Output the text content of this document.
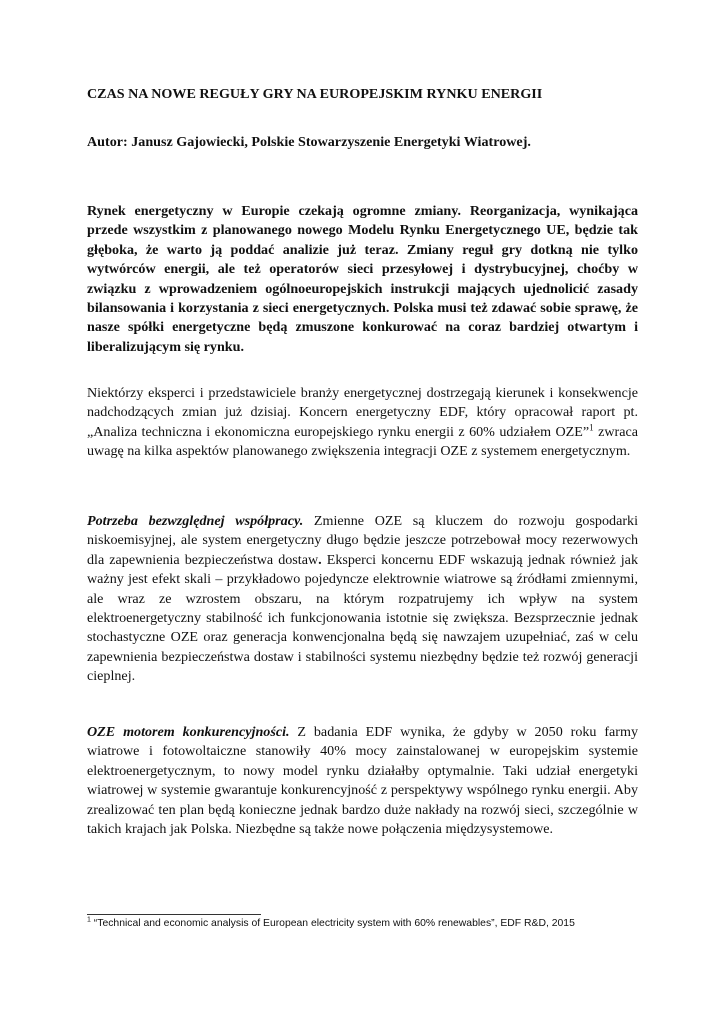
CZAS NA NOWE REGUŁY GRY NA EUROPEJSKIM RYNKU ENERGII

Autor: Janusz Gajowiecki, Polskie Stowarzyszenie Energetyki Wiatrowej.

Rynek energetyczny w Europie czekają ogromne zmiany. Reorganizacja, wynikająca przede wszystkim z planowanego nowego Modelu Rynku Energetycznego UE, będzie tak głęboka, że warto ją poddać analizie już teraz. Zmiany reguł gry dotkną nie tylko wytwórców energii, ale też operatorów sieci przesyłowej i dystrybucyjnej, choćby w związku z wprowadzeniem ogólnoeuropejskich instrukcji mających ujednolicić zasady bilansowania i korzystania z sieci energetycznych. Polska musi też zdawać sobie sprawę, że nasze spółki energetyczne będą zmuszone konkurować na coraz bardziej otwartym i liberalizującym się rynku.

Niektórzy eksperci i przedstawiciele branży energetycznej dostrzegają kierunek i konsekwencje nadchodzących zmian już dzisiaj. Koncern energetyczny EDF, który opracował raport pt. „Analiza techniczna i ekonomiczna europejskiego rynku energii z 60% udziałem OZE”$^1$ zwraca uwagę na kilka aspektów planowanego zwiększenia integracji OZE z systemem energetycznym.

Potrzeba bezwzględnej współpracy. Zmienne OZE są kluczem do rozwoju gospodarki niskoemisyjnej, ale system energetyczny długo będzie jeszcze potrzebował mocy rezerwowych dla zapewnienia bezpieczeństwa dostaw. Eksperci koncernu EDF wskazują jednak również jak ważny jest efekt skali – przykładowo pojedyncze elektrownie wiatrowe są źródłami zmiennymi, ale wraz ze wzrostem obszaru, na którym rozpatrujemy ich wpływ na system elektroenergetyczny stabilność ich funkcjonowania istotnie się zwiększa. Bezsprzecznie jednak stochastyczne OZE oraz generacja konwencjonalna będą się nawzajem uzupełniać, zaś w celu zapewnienia bezpieczeństwa dostaw i stabilności systemu niezbędny będzie też rozwój generacji cieplnej.

OZE motorem konkurencyjności. Z badania EDF wynika, że gdyby w 2050 roku farmy wiatrowe i fotowoltaiczne stanowiły 40% mocy zainstalowanej w europejskim systemie elektroenergetycznym, to nowy model rynku działałby optymalnie. Taki udział energetyki wiatrowej w systemie gwarantuje konkurencyjność z perspektywy wspólnego rynku energii. Aby zrealizować ten plan będą konieczne jednak bardzo duże nakłady na rozwój sieci, szczególnie w takich krajach jak Polska. Niezbędne są także nowe połączenia międzysystemowe.

$^1$ “Technical and economic analysis of European electricity system with 60% renewables”, EDF R&D, 2015
